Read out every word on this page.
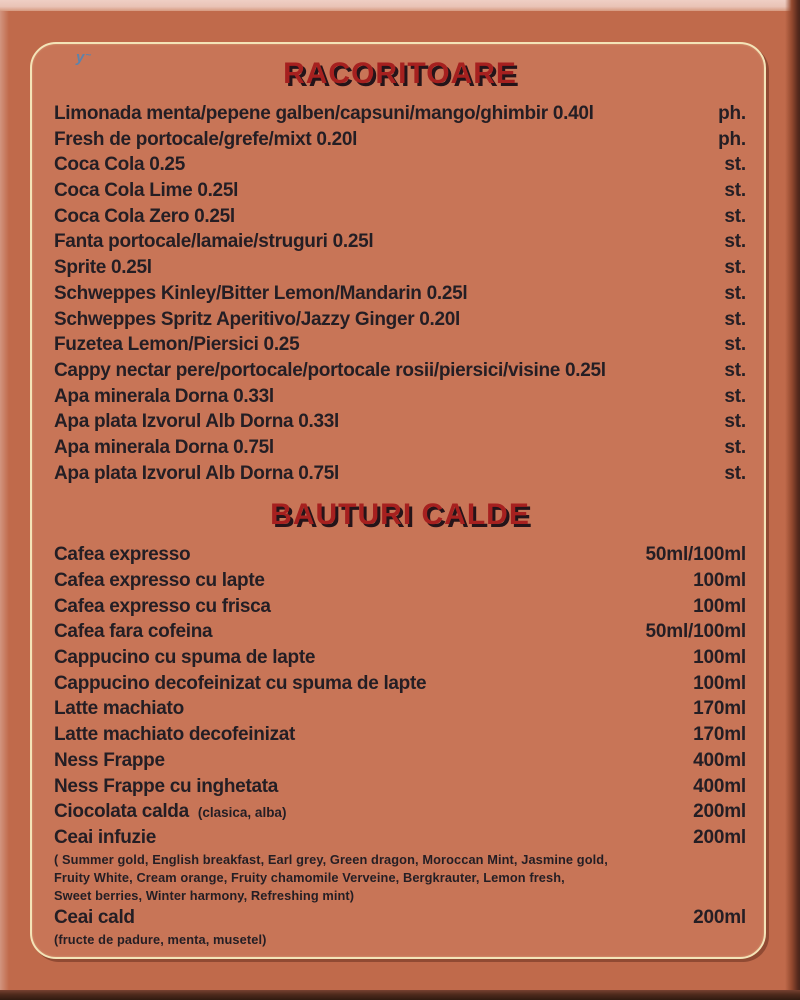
y ~	RACORITOARE
Limonada menta/pepene galben/capsuni/mango/ghimbir 0.40l	ph.
Fresh de portocale/grefe/mixt 0.20l	ph.
Coca Cola 0.25	st.
Coca Cola Lime 0.25l	st.
Coca Cola Zero 0.25l	st.
Fanta portocale/lamaie/struguri 0.25l	st.
Sprite 0.25l	st.
Schweppes Kinley/Bitter Lemon/Mandarin 0.25l	st.
Schweppes Spritz Aperitivo/Jazzy Ginger 0.20l	st.
Fuzetea Lemon/Piersici 0.25	st.
Cappy nectar pere/portocale/portocale rosii/piersici/visine 0.25l	st.
Apa minerala Dorna 0.33l	st.
Apa plata Izvorul Alb Dorna 0.33l	st.
Apa minerala Dorna 0.75l	st.
Apa plata Izvorul Alb Dorna 0.75l	st.
BAUTURI CALDE
Cafea expresso	50ml/100ml
Cafea expresso cu lapte	100ml
Cafea expresso cu frisca	100ml
Cafea fara cofeina	50ml/100ml
Cappucino cu spuma de lapte	100ml
Cappucino decofeinizat cu spuma de lapte	100ml
Latte machiato	170ml
Latte machiato decofeinizat	170ml
Ness Frappe	400ml
Ness Frappe cu inghetata	400ml
Ciocolata calda (clasica, alba)	200ml
Ceai infuzie	200ml
( Summer gold, English breakfast, Earl grey, Green dragon, Moroccan Mint, Jasmine gold,
Fruity White, Cream orange, Fruity chamomile Verveine, Bergkrauter, Lemon fresh,
Sweet berries, Winter harmony, Refreshing mint)
Ceai cald	200ml
(fructe de padure, menta, musetel)
